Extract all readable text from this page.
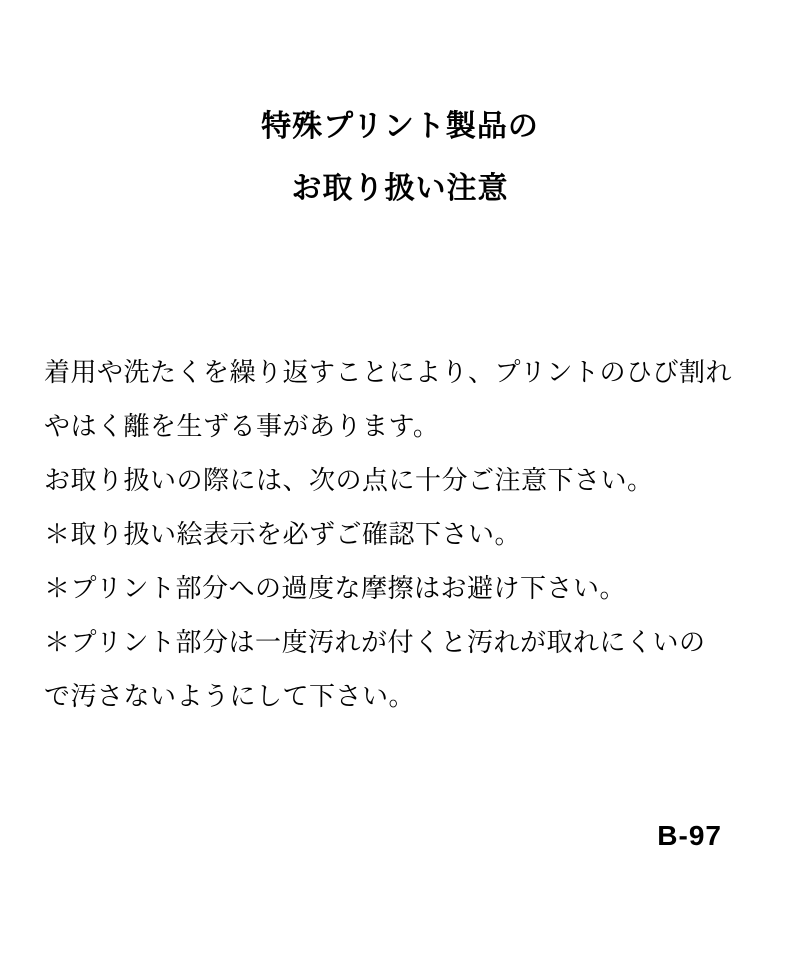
特殊プリント製品の
お取り扱い注意

着用や洗たくを繰り返すことにより、プリントのひび割れ

やはく離を生ずる事があります。

お取り扱いの際には、次の点に十分ご注意下さい。

＊取り扱い絵表示を必ずご確認下さい。

＊プリント部分への過度な摩擦はお避け下さい。

＊プリント部分は一度汚れが付くと汚れが取れにくいの

で汚さないようにして下さい。

B-97
